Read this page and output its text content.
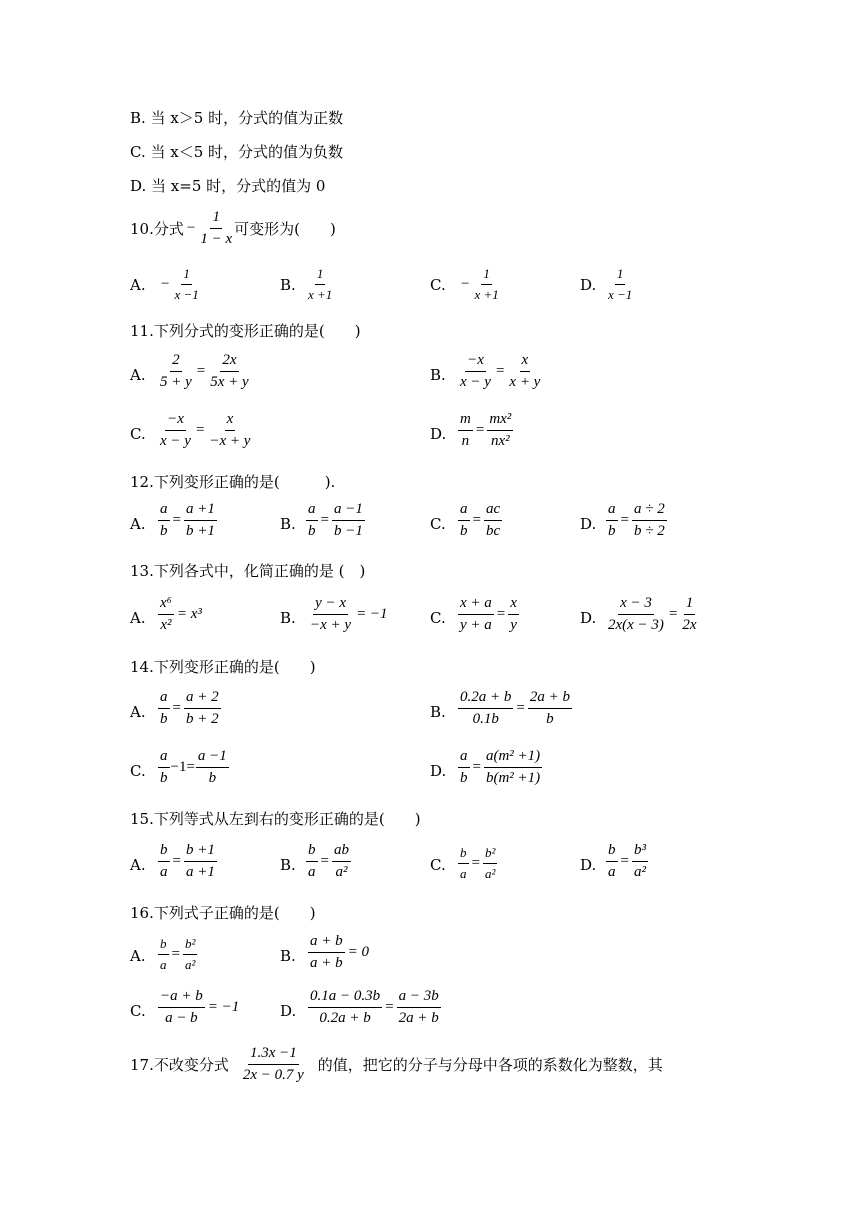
B. 当 x＞5 时，分式的值为正数
C. 当 x＜5 时，分式的值为负数
D. 当 x=5 时，分式的值为 0
10.分式 − $\frac{1}{1 - x}$ 可变形为(　　)
A. − $\frac{1}{x -1}$	B. $\frac{1}{x +1}$	C. − $\frac{1}{x +1}$	D. $\frac{1}{x -1}$
11.下列分式的变形正确的是(　　)
A. $\frac{2}{5 + y} = \frac{2x}{5x + y}$	B. $\frac{-x}{x - y} = \frac{x}{x + y}$
C. $\frac{-x}{x - y} = \frac{x}{-x + y}$	D. $\frac{m}{n} = \frac{\text{mx²}}{\text{nx²}}$
12.下列变形正确的是(　　　).
A. $\frac{a}{b} = \frac{a +1}{b +1}$	B. $\frac{a}{b} = \frac{a -1}{b -1}$	C. $\frac{a}{b} = \frac{ac}{bc}$	D. $\frac{a}{b} = \frac{a \div 2}{b \div 2}$
13.下列各式中，化简正确的是 (　)
A. $\frac{\text{x⁶}}{\text{x²}} = x^3$	B. $\frac{y - x}{-x + y} = -1$	C. $\frac{x + a}{y + a} = \frac{x}{y}$	D. $\frac{x - 3}{2x(x - 3)} = \frac{1}{2x}$
14.下列变形正确的是(　　)
A. $\frac{a}{b} = \frac{a + 2}{b + 2}$	B. $\frac{0.2a + b}{0.1b} = \frac{2a + b}{b}$
C. $\frac{a}{b} -1= \frac{a -1}{b}$	D. $\frac{a}{b} = \frac{\text{a(m² +1)}}{\text{b(m² +1)}}$
15.下列等式从左到右的变形正确的是(　　)
A. $\frac{b}{a} = \frac{b +1}{a +1}$	B. $\frac{b}{a} = \frac{ab}{\text{a²}}$	C. $\frac{b}{a} = \frac{\text{b²}}{\text{a²}}$	D. $\frac{b}{a} = \frac{\text{b³}}{\text{a²}}$
16.下列式子正确的是(　　)
A. $\frac{b}{a} = \frac{\text{b²}}{\text{a²}}$	B. $\frac{a + b}{a + b} = 0$
C. $\frac{-a + b}{a - b} = -1$	D. $\frac{0.1a - 0.3b}{0.2a + b} = \frac{a - 3b}{2a + b}$
17.不改变分式 $\frac{1.3x -1}{2x - 0.7 y}$ 的值，把它的分子与分母中各项的系数化为整数，其
